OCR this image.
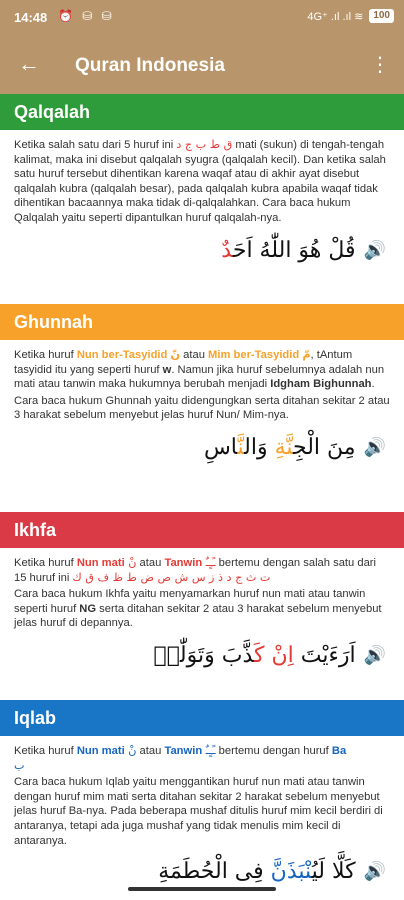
14:48 ⏰ ⛁ ⛁	4G⁺ .ıl .ıl ≋	100
← Quran Indonesia	⋮
Qalqalah

Ketika salah satu dari 5 huruf ini ق ط ب ج د mati (sukun) di tengah-tengah kalimat, maka ini disebut qalqalah syugra (qalqalah kecil). Dan ketika salah satu huruf tersebut dihentikan karena waqaf atau di akhir ayat disebut qalqalah kubra (qalqalah besar), pada qalqalah kubra apabila waqaf tidak dihentikan bacaannya maka tidak di-qalqalahkan. Cara baca hukum Qalqalah yaitu seperti dipantulkan huruf qalqalah-nya.

قُلْ هُوَ اللّٰهُ اَحَدٌ	🔊
Ghunnah

Ketika huruf Nun ber-Tasyidid نّ atau Mim ber-Tasyidid مّ, tAntum tasyidid itu yang seperti huruf w. Namun jika huruf sebelumnya adalah nun mati atau tanwin maka hukumnya berubah menjadi Idgham Bighunnah.

Cara baca hukum Ghunnah yaitu didengungkan serta ditahan sekitar 2 atau 3 harakat sebelum menyebut jelas huruf Nun/ Mim-nya.

مِنَ الْجِنَّةِ وَالنَّاسِ	🔊
Ikhfa

Ketika huruf Nun mati نْ atau Tanwin ـًـٍـٌ bertemu dengan salah satu dari 15 huruf ini ت ث ج د ذ ز س ش ص ض ط ظ ف ق ك

Cara baca hukum Ikhfa yaitu menyamarkan huruf nun mati atau tanwin seperti huruf NG serta ditahan sekitar 2 atau 3 harakat sebelum menyebut jelas huruf di depannya.

اَرَءَيْتَ اِنْ كَذَّبَ وَتَوَلّٰىۗ	🔊
Iqlab

Ketika huruf Nun mati نْ atau Tanwin ـًـٍـٌ bertemu dengan huruf Ba
ب

Cara baca hukum Iqlab yaitu menggantikan huruf nun mati atau tanwin dengan huruf mim mati serta ditahan sekitar 2 harakat sebelum menyebut jelas huruf Ba-nya. Pada beberapa mushaf ditulis huruf mim kecil berdiri di antaranya, tetapi ada juga mushaf yang tidak menulis mim kecil di antaranya.

كَلَّا لَيُنْبَذَنَّ فِى الْحُطَمَةِ	🔊
